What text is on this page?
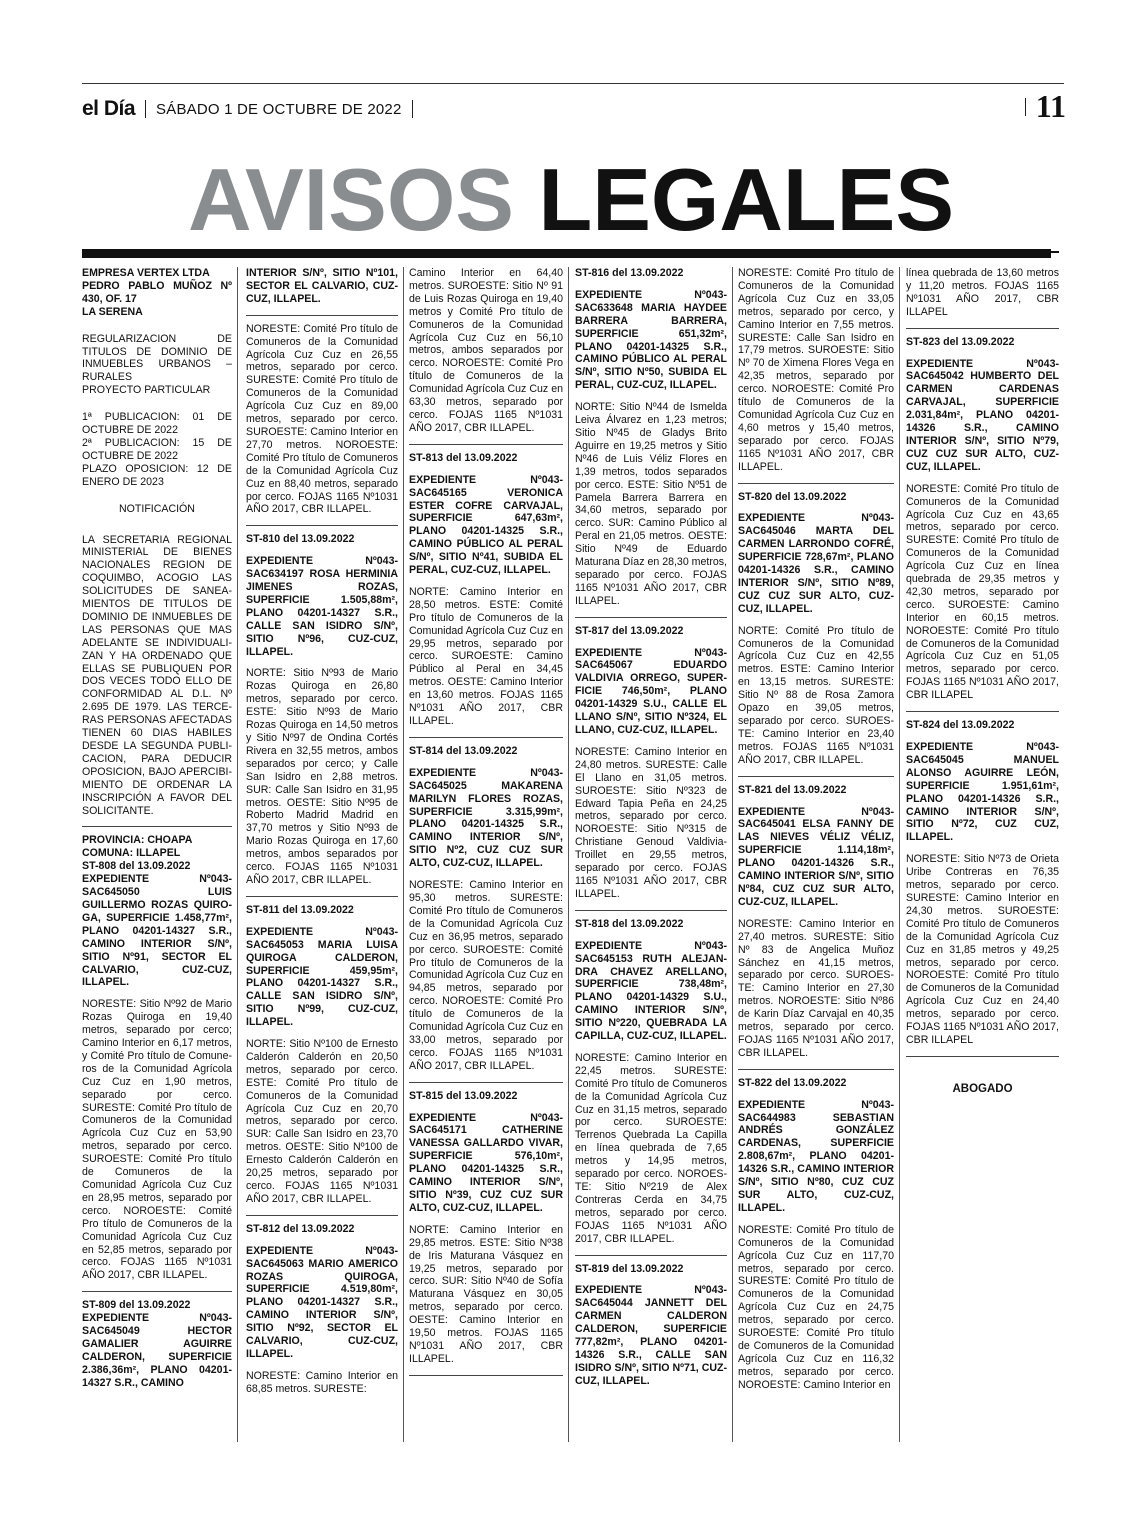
el Día SÁBADO 1 DE OCTUBRE DE 2022	11
AVISOS LEGALES

EMPRESA VERTEX LTDA

PEDRO PABLO MUÑOZ Nº 430, OF. 17

LA SERENA

REGULARIZACION DE TITULOS DE DOMINIO DE INMUEBLES URBANOS – RURALES

PROYECTO PARTICULAR

1ª PUBLICACION: 01 DE OCTUBRE DE 2022

2ª PUBLICACION: 15 DE OCTUBRE DE 2022

PLAZO OPOSICION: 12 DE ENERO DE 2023

NOTIFICACIÓN

LA SECRETARIA REGIONAL MINISTERIAL DE BIENES NACIONALES REGION DE COQUIMBO, ACOGIO LAS SOLICITUDES DE SANEAMIENTOS DE TITULOS DE DOMINIO DE INMUEBLES DE LAS PERSONAS QUE MAS ADELANTE SE INDIVIDUALIZAN Y HA ORDENADO QUE ELLAS SE PUBLIQUEN POR DOS VECES TODO ELLO DE CONFORMIDAD AL D.L. Nº 2.695 DE 1979. LAS TERCERAS PERSONAS AFECTADAS TIENEN 60 DIAS HABILES DESDE LA SEGUNDA PUBLICACION, PARA DEDUCIR OPOSICION, BAJO APERCIBIMIENTO DE ORDENAR LA INSCRIPCIÓN A FAVOR DEL SOLICITANTE.

PROVINCIA: CHOAPA

COMUNA: ILLAPEL

ST-808 del 13.09.2022

EXPEDIENTE Nº043-SAC645050 LUIS GUILLERMO ROZAS QUIROGA, SUPERFICIE 1.458,77m², PLANO 04201-14327 S.R., CAMINO INTERIOR S/Nº, SITIO Nº91, SECTOR EL CALVARIO, CUZ-CUZ, ILLAPEL.

NORESTE: Sitio Nº92 de Mario Rozas Quiroga en 19,40 metros, separado por cerco; Camino Interior en 6,17 metros, y Comité Pro título de Comuneros de la Comunidad Agrícola Cuz Cuz en 1,90 metros, separado por cerco. SURESTE: Comité Pro título de Comuneros de la Comunidad Agrícola Cuz Cuz en 53,90 metros, separado por cerco. SUROESTE: Comité Pro título de Comuneros de la Comunidad Agrícola Cuz Cuz en 28,95 metros, separado por cerco. NOROESTE: Comité Pro título de Comuneros de la Comunidad Agrícola Cuz Cuz en 52,85 metros, separado por cerco. FOJAS 1165 Nº1031 AÑO 2017, CBR ILLAPEL.

ST-809 del 13.09.2022

EXPEDIENTE Nº043-SAC645049 HECTOR GAMALIER AGUIRRE CALDERON, SUPERFICIE 2.386,36m², PLANO 04201-14327 S.R., CAMINO

INTERIOR S/Nº, SITIO Nº101, SECTOR EL CALVARIO, CUZ-CUZ, ILLAPEL.

NORESTE: Comité Pro título de Comuneros de la Comunidad Agrícola Cuz Cuz en 26,55 metros, separado por cerco. SURESTE: Comité Pro título de Comuneros de la Comunidad Agrícola Cuz Cuz en 89,00 metros, separado por cerco. SUROESTE: Camino Interior en 27,70 metros. NOROESTE: Comité Pro título de Comuneros de la Comunidad Agrícola Cuz Cuz en 88,40 metros, separado por cerco. FOJAS 1165 Nº1031 AÑO 2017, CBR ILLAPEL.

ST-810 del 13.09.2022

EXPEDIENTE Nº043-SAC634197 ROSA HERMINIA JIMENES ROZAS, SUPERFICIE 1.505,88m², PLANO 04201-14327 S.R., CALLE SAN ISIDRO S/Nº, SITIO Nº96, CUZ-CUZ, ILLAPEL.

NORTE: Sitio Nº93 de Mario Rozas Quiroga en 26,80 metros, separado por cerco. ESTE: Sitio Nº93 de Mario Rozas Quiroga en 14,50 metros y Sitio Nº97 de Ondina Cortés Rivera en 32,55 metros, ambos separados por cerco; y Calle San Isidro en 2,88 metros. SUR: Calle San Isidro en 31,95 metros. OESTE: Sitio Nº95 de Roberto Madrid Madrid en 37,70 metros y Sitio Nº93 de Mario Rozas Quiroga en 17,60 metros, ambos separados por cerco. FOJAS 1165 Nº1031 AÑO 2017, CBR ILLAPEL.

ST-811 del 13.09.2022

EXPEDIENTE Nº043-SAC645053 MARIA LUISA QUIROGA CALDERON, SUPERFICIE 459,95m², PLANO 04201-14327 S.R., CALLE SAN ISIDRO S/Nº, SITIO Nº99, CUZ-CUZ, ILLAPEL.

NORTE: Sitio Nº100 de Ernesto Calderón Calderón en 20,50 metros, separado por cerco. ESTE: Comité Pro título de Comuneros de la Comunidad Agrícola Cuz Cuz en 20,70 metros, separado por cerco. SUR: Calle San Isidro en 23,70 metros. OESTE: Sitio Nº100 de Ernesto Calderón Calderón en 20,25 metros, separado por cerco. FOJAS 1165 Nº1031 AÑO 2017, CBR ILLAPEL.

ST-812 del 13.09.2022

EXPEDIENTE Nº043-SAC645063 MARIO AMERICO ROZAS QUIROGA, SUPERFICIE 4.519,80m², PLANO 04201-14327 S.R., CAMINO INTERIOR S/Nº, SITIO Nº92, SECTOR EL CALVARIO, CUZ-CUZ, ILLAPEL.

NORESTE: Camino Interior en 68,85 metros. SURESTE:

Camino Interior en 64,40 metros. SUROESTE: Sitio Nº 91 de Luis Rozas Quiroga en 19,40 metros y Comité Pro título de Comuneros de la Comunidad Agrícola Cuz Cuz en 56,10 metros, ambos separados por cerco. NOROESTE: Comité Pro título de Comuneros de la Comunidad Agrícola Cuz Cuz en 63,30 metros, separado por cerco. FOJAS 1165 Nº1031 AÑO 2017, CBR ILLAPEL.

ST-813 del 13.09.2022

EXPEDIENTE Nº043-SAC645165 VERONICA ESTER COFRE CARVAJAL, SUPERFICIE 647,63m², PLANO 04201-14325 S.R., CAMINO PÚBLICO AL PERAL S/Nº, SITIO Nº41, SUBIDA EL PERAL, CUZ-CUZ, ILLAPEL.

NORTE: Camino Interior en 28,50 metros. ESTE: Comité Pro título de Comuneros de la Comunidad Agrícola Cuz Cuz en 29,95 metros, separado por cerco. SUROESTE: Camino Público al Peral en 34,45 metros. OESTE: Camino Interior en 13,60 metros. FOJAS 1165 Nº1031 AÑO 2017, CBR ILLAPEL.

ST-814 del 13.09.2022

EXPEDIENTE Nº043-SAC645025 MAKARENA MARILYN FLORES ROZAS, SUPERFICIE 3.315,99m², PLANO 04201-14325 S.R., CAMINO INTERIOR S/Nº, SITIO Nº2, CUZ CUZ SUR ALTO, CUZ-CUZ, ILLAPEL.

NORESTE: Camino Interior en 95,30 metros. SURESTE: Comité Pro título de Comuneros de la Comunidad Agrícola Cuz Cuz en 36,95 metros, separado por cerco. SUROESTE: Comité Pro título de Comuneros de la Comunidad Agrícola Cuz Cuz en 94,85 metros, separado por cerco. NOROESTE: Comité Pro título de Comuneros de la Comunidad Agrícola Cuz Cuz en 33,00 metros, separado por cerco. FOJAS 1165 Nº1031 AÑO 2017, CBR ILLAPEL.

ST-815 del 13.09.2022

EXPEDIENTE Nº043-SAC645171 CATHERINE VANESSA GALLARDO VIVAR, SUPERFICIE 576,10m², PLANO 04201-14325 S.R., CAMINO INTERIOR S/Nº, SITIO Nº39, CUZ CUZ SUR ALTO, CUZ-CUZ, ILLAPEL.

NORTE: Camino Interior en 29,85 metros. ESTE: Sitio Nº38 de Iris Maturana Vásquez en 19,25 metros, separado por cerco. SUR: Sitio Nº40 de Sofía Maturana Vásquez en 30,05 metros, separado por cerco. OESTE: Camino Interior en 19,50 metros. FOJAS 1165 Nº1031 AÑO 2017, CBR ILLAPEL.

ST-816 del 13.09.2022

EXPEDIENTE Nº043-SAC633648 MARIA HAYDEE BARRERA BARRERA, SUPERFICIE 651,32m², PLANO 04201-14325 S.R., CAMINO PÚBLICO AL PERAL S/Nº, SITIO Nº50, SUBIDA EL PERAL, CUZ-CUZ, ILLAPEL.

NORTE: Sitio Nº44 de Ismelda Leiva Álvarez en 1,23 metros; Sitio Nº45 de Gladys Brito Aguirre en 19,25 metros y Sitio Nº46 de Luis Véliz Flores en 1,39 metros, todos separados por cerco. ESTE: Sitio Nº51 de Pamela Barrera Barrera en 34,60 metros, separado por cerco. SUR: Camino Público al Peral en 21,05 metros. OESTE: Sitio Nº49 de Eduardo Maturana Díaz en 28,30 metros, separado por cerco. FOJAS 1165 Nº1031 AÑO 2017, CBR ILLAPEL.

ST-817 del 13.09.2022

EXPEDIENTE Nº043-SAC645067 EDUARDO VALDIVIA ORREGO, SUPERFICIE 746,50m², PLANO 04201-14329 S.U., CALLE EL LLANO S/Nº, SITIO Nº324, EL LLANO, CUZ-CUZ, ILLAPEL.

NORESTE: Camino Interior en 24,80 metros. SURESTE: Calle El Llano en 31,05 metros. SUROESTE: Sitio Nº323 de Edward Tapia Peña en 24,25 metros, separado por cerco. NOROESTE: Sitio Nº315 de Christiane Genoud Valdivia-Troillet en 29,55 metros, separado por cerco. FOJAS 1165 Nº1031 AÑO 2017, CBR ILLAPEL.

ST-818 del 13.09.2022

EXPEDIENTE Nº043-SAC645153 RUTH ALEJANDRA CHAVEZ ARELLANO, SUPERFICIE 738,48m², PLANO 04201-14329 S.U., CAMINO INTERIOR S/Nº, SITIO Nº220, QUEBRADA LA CAPILLA, CUZ-CUZ, ILLAPEL.

NORESTE: Camino Interior en 22,45 metros. SURESTE: Comité Pro título de Comuneros de la Comunidad Agrícola Cuz Cuz en 31,15 metros, separado por cerco. SUROESTE: Terrenos Quebrada La Capilla en línea quebrada de 7,65 metros y 14,95 metros, separado por cerco. NOROESTE: Sitio Nº219 de Alex Contreras Cerda en 34,75 metros, separado por cerco. FOJAS 1165 Nº1031 AÑO 2017, CBR ILLAPEL.

ST-819 del 13.09.2022

EXPEDIENTE Nº043-SAC645044 JANNETT DEL CARMEN CALDERON CALDERON, SUPERFICIE 777,82m², PLANO 04201-14326 S.R., CALLE SAN ISIDRO S/Nº, SITIO Nº71, CUZ-CUZ, ILLAPEL.

NORESTE: Comité Pro título de Comuneros de la Comunidad Agrícola Cuz Cuz en 33,05 metros, separado por cerco, y Camino Interior en 7,55 metros. SURESTE: Calle San Isidro en 17,79 metros. SUROESTE: Sitio Nº 70 de Ximena Flores Vega en 42,35 metros, separado por cerco. NOROESTE: Comité Pro título de Comuneros de la Comunidad Agrícola Cuz Cuz en 4,60 metros y 15,40 metros, separado por cerco. FOJAS 1165 Nº1031 AÑO 2017, CBR ILLAPEL.

ST-820 del 13.09.2022

EXPEDIENTE Nº043-SAC645046 MARTA DEL CARMEN LARRONDO COFRÉ, SUPERFICIE 728,67m², PLANO 04201-14326 S.R., CAMINO INTERIOR S/Nº, SITIO Nº89, CUZ CUZ SUR ALTO, CUZ-CUZ, ILLAPEL.

NORTE: Comité Pro título de Comuneros de la Comunidad Agrícola Cuz Cuz en 42,55 metros. ESTE: Camino Interior en 13,15 metros. SURESTE: Sitio Nº 88 de Rosa Zamora Opazo en 39,05 metros, separado por cerco. SUROESTE: Camino Interior en 23,40 metros. FOJAS 1165 Nº1031 AÑO 2017, CBR ILLAPEL.

ST-821 del 13.09.2022

EXPEDIENTE Nº043-SAC645041 ELSA FANNY DE LAS NIEVES VÉLIZ VÉLIZ, SUPERFICIE 1.114,18m², PLANO 04201-14326 S.R., CAMINO INTERIOR S/Nº, SITIO Nº84, CUZ CUZ SUR ALTO, CUZ-CUZ, ILLAPEL.

NORESTE: Camino Interior en 27,40 metros. SURESTE: Sitio Nº 83 de Angelica Muñoz Sánchez en 41,15 metros, separado por cerco. SUROESTE: Camino Interior en 27,30 metros. NOROESTE: Sitio Nº86 de Karin Díaz Carvajal en 40,35 metros, separado por cerco. FOJAS 1165 Nº1031 AÑO 2017, CBR ILLAPEL.

ST-822 del 13.09.2022

EXPEDIENTE Nº043-SAC644983 SEBASTIAN ANDRÉS GONZÁLEZ CARDENAS, SUPERFICIE 2.808,67m², PLANO 04201-14326 S.R., CAMINO INTERIOR S/Nº, SITIO Nº80, CUZ CUZ SUR ALTO, CUZ-CUZ, ILLAPEL.

NORESTE: Comité Pro título de Comuneros de la Comunidad Agrícola Cuz Cuz en 117,70 metros, separado por cerco. SURESTE: Comité Pro título de Comuneros de la Comunidad Agrícola Cuz Cuz en 24,75 metros, separado por cerco. SUROESTE: Comité Pro título de Comuneros de la Comunidad Agrícola Cuz Cuz en 116,32 metros, separado por cerco. NOROESTE: Camino Interior en

línea quebrada de 13,60 metros y 11,20 metros. FOJAS 1165 Nº1031 AÑO 2017, CBR ILLAPEL

ST-823 del 13.09.2022

EXPEDIENTE Nº043-SAC645042 HUMBERTO DEL CARMEN CARDENAS CARVAJAL, SUPERFICIE 2.031,84m², PLANO 04201-14326 S.R., CAMINO INTERIOR S/Nº, SITIO Nº79, CUZ CUZ SUR ALTO, CUZ-CUZ, ILLAPEL.

NORESTE: Comité Pro título de Comuneros de la Comunidad Agrícola Cuz Cuz en 43,65 metros, separado por cerco. SURESTE: Comité Pro título de Comuneros de la Comunidad Agrícola Cuz Cuz en línea quebrada de 29,35 metros y 42,30 metros, separado por cerco. SUROESTE: Camino Interior en 60,15 metros. NOROESTE: Comité Pro título de Comuneros de la Comunidad Agrícola Cuz Cuz en 51,05 metros, separado por cerco. FOJAS 1165 Nº1031 AÑO 2017, CBR ILLAPEL

ST-824 del 13.09.2022

EXPEDIENTE Nº043-SAC645045 MANUEL ALONSO AGUIRRE LEÓN, SUPERFICIE 1.951,61m², PLANO 04201-14326 S.R., CAMINO INTERIOR S/Nº, SITIO Nº72, CUZ CUZ, ILLAPEL.

NORESTE: Sitio Nº73 de Orieta Uribe Contreras en 76,35 metros, separado por cerco. SURESTE: Camino Interior en 24,30 metros. SUROESTE: Comité Pro título de Comuneros de la Comunidad Agrícola Cuz Cuz en 31,85 metros y 49,25 metros, separado por cerco. NOROESTE: Comité Pro título de Comuneros de la Comunidad Agrícola Cuz Cuz en 24,40 metros, separado por cerco. FOJAS 1165 Nº1031 AÑO 2017, CBR ILLAPEL

ABOGADO
